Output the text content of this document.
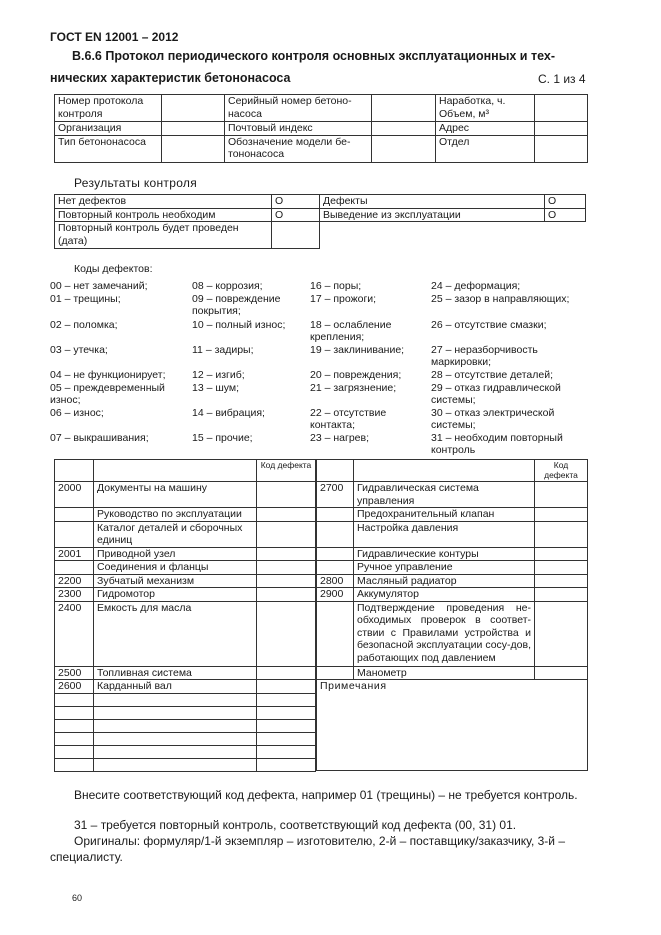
ГОСТ EN 12001 – 2012
В.6.6 Протокол периодического контроля основных эксплуатационных и тех-
нических характеристик бетононасоса	С. 1 из 4
Номер протокола контроля		Серийный номер бетоно-насоса		Наработка, ч. Объем, м³	
Организация		Почтовый индекс		Адрес	
Тип бетононасоса		Обозначение модели бе-тононасоса		Отдел	
Результаты контроля
Нет дефектов	О	Дефекты	О
Повторный контроль необходим	О	Выведение из эксплуатации	О
Повторный контроль будет проведен (дата)			
Коды дефектов:
00 – нет замечаний;	08 – коррозия;	16 – поры;	24 – деформация;
01 – трещины;	09 – повреждение покрытия;	17 – прожоги;	25 – зазор в направляющих;
02 – поломка;	10 – полный износ;	18 – ослабление крепления;	26 – отсутствие смазки;
03 – утечка;	11 – задиры;	19 – заклинивание;	27 – неразборчивость маркировки;
04 – не функционирует;	12 – изгиб;	20 – повреждения;	28 – отсутствие деталей;
05 – преждевременный износ;	13 – шум;	21 – загрязнение;	29 – отказ гидравлической системы;
06 – износ;	14 – вибрация;	22 – отсутствие контакта;	30 – отказ электрической системы;
07 – выкрашивания;	15 – прочие;	23 – нагрев;	31 – необходим повторный контроль
		Код дефекта
2000	Документы на машину	
	Руководство по эксплуатации	
	Каталог деталей и сборочных единиц	
2001	Приводной узел	
	Соединения и фланцы	
2200	Зубчатый механизм	
2300	Гидромотор	
2400	Емкость для масла	
2500	Топливная система	
2600	Карданный вал	

		Код дефекта
2700	Гидравлическая система управления	
	Предохранительный клапан	
	Настройка давления	
	Гидравлические контуры	
	Ручное управление	
2800	Масляный радиатор	
2900	Аккумулятор	
	Подтверждение проведения не-обходимых проверок в соответ-ствии с Правилами устройства и безопасной эксплуатации сосу-дов, работающих под давлением	
	Манометр	
Примечания		
Внесите соответствующий код дефекта, например 01 (трещины) – не требуется контроль.
31 – требуется повторный контроль, соответствующий код дефекта (00, 31) 01.
Оригиналы: формуляр/1-й экземпляр – изготовителю, 2-й – поставщику/заказчику, 3-й – специалисту.
60
